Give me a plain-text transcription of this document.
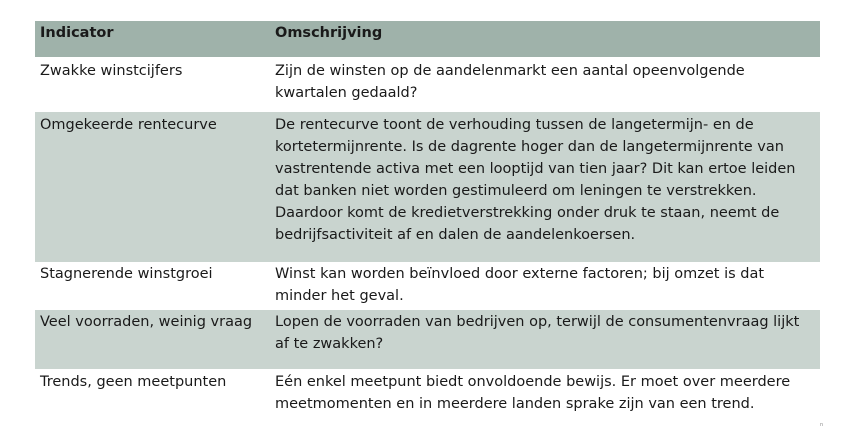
Indicator	Omschrijving
Zwakke winstcijfers	Zijn de winsten op de aandelenmarkt een aantal opeenvolgende kwartalen gedaald?
Omgekeerde rentecurve	De rentecurve toont de verhouding tussen de langetermijn- en de kortetermijnrente. Is de dagrente hoger dan de langetermijnrente van vastrentende activa met een looptijd van tien jaar? Dit kan ertoe leiden dat banken niet worden gestimuleerd om leningen te verstrekken. Daardoor komt de kredietverstrekking onder druk te staan, neemt de bedrijfsactiviteit af en dalen de aandelenkoersen.
Stagnerende winstgroei	Winst kan worden beïnvloed door externe factoren; bij omzet is dat minder het geval.
Veel voorraden, weinig vraag	Lopen de voorraden van bedrijven op, terwijl de consumentenvraag lijkt af te zwakken?
Trends, geen meetpunten	Eén enkel meetpunt biedt onvoldoende bewijs. Er moet over meerdere meetmomenten en in meerdere landen sprake zijn van een trend.
n
